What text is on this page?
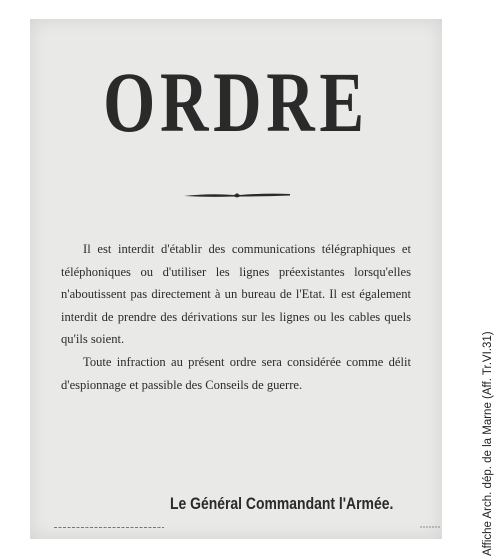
ORDRE

Il est interdit d'établir des communications télégraphiques et téléphoniques ou d'utiliser les lignes préexistantes lorsqu'elles n'aboutissent pas directement à un bureau de l'Etat. Il est également interdit de prendre des dérivations sur les lignes ou les cables quels qu'ils soient.

Toute infraction au présent ordre sera considérée comme délit d'espionnage et passible des Conseils de guerre.

Le Général Commandant l'Armée.	Affiche Arch. dép. de la Marne (Aff. Tr.VI.31)
